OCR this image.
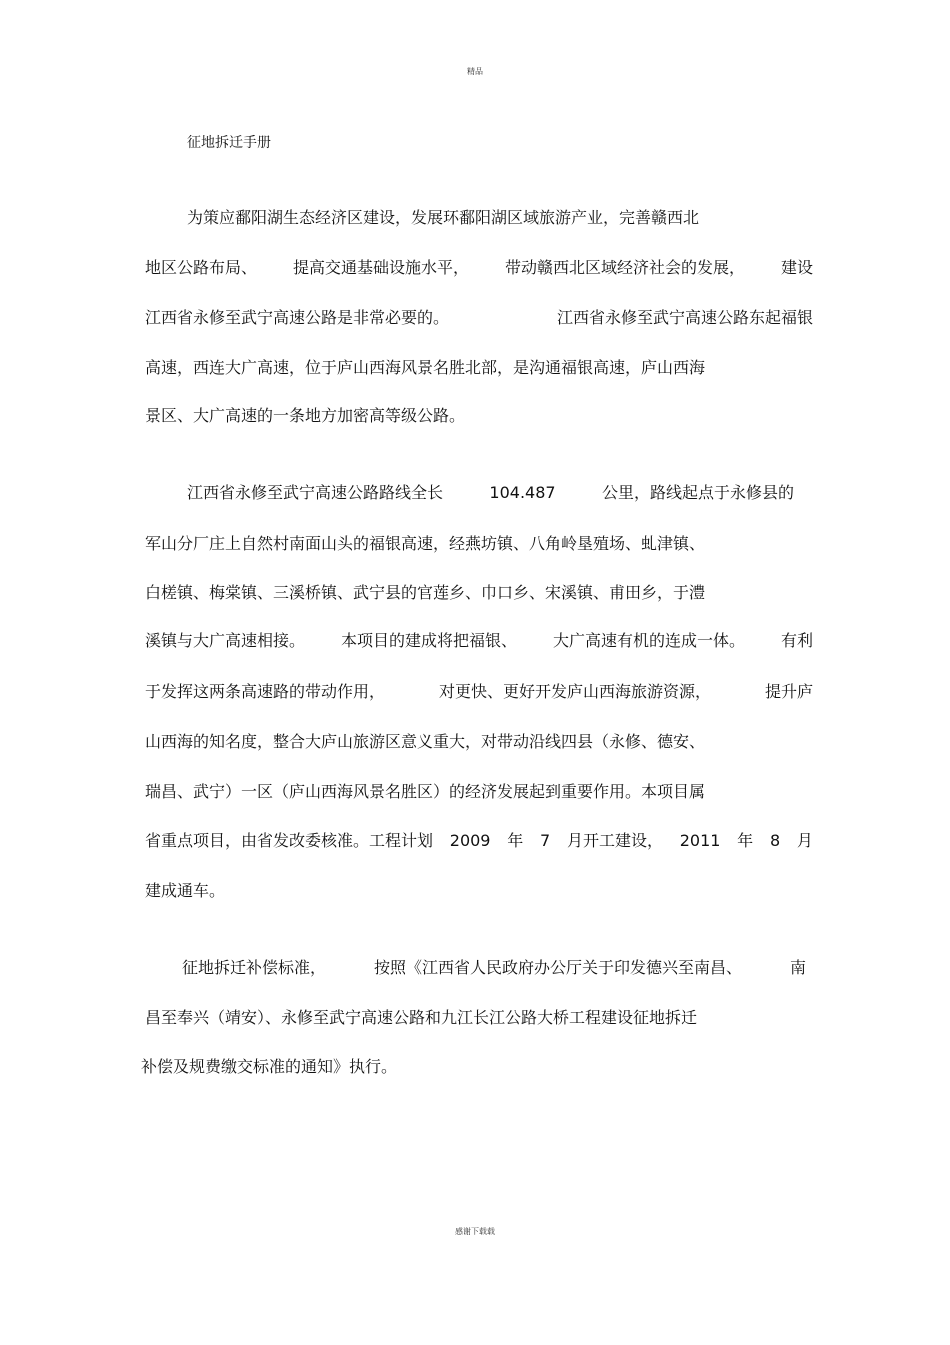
精品
征地拆迁手册
为策应鄱阳湖生态经济区建设，发展环鄱阳湖区域旅游产业，完善赣西北
地区公路布局、 提高交通基础设施水平， 带动赣西北区域经济社会的发展， 建设
江西省永修至武宁高速公路是非常必要的。	江西省永修至武宁高速公路东起福银
高速，西连大广高速，位于庐山西海风景名胜北部，是沟通福银高速，庐山西海
景区、大广高速的一条地方加密高等级公路。
江西省永修至武宁高速公路路线全长	104.487	公里，路线起点于永修县的
军山分厂庄上自然村南面山头的福银高速，经燕坊镇、八角岭垦殖场、虬津镇、
白槎镇、梅棠镇、三溪桥镇、武宁县的官莲乡、巾口乡、宋溪镇、甫田乡，于澧
溪镇与大广高速相接。 本项目的建成将把福银、 大广高速有机的连成一体。 有利
于发挥这两条高速路的带动作用，	对更快、更好开发庐山西海旅游资源，	提升庐
山西海的知名度，整合大庐山旅游区意义重大，对带动沿线四县（永修、德安、
瑞昌、武宁）一区（庐山西海风景名胜区）的经济发展起到重要作用。本项目属
省重点项目，由省发改委核准。工程计划 2009 年 7 月开工建设， 2011 年 8 月
建成通车。
征地拆迁补偿标准，	按照《江西省人民政府办公厅关于印发德兴至南昌、	南
昌至奉兴（靖安）、永修至武宁高速公路和九江长江公路大桥工程建设征地拆迁
补偿及规费缴交标准的通知》执行。
感谢下载载
